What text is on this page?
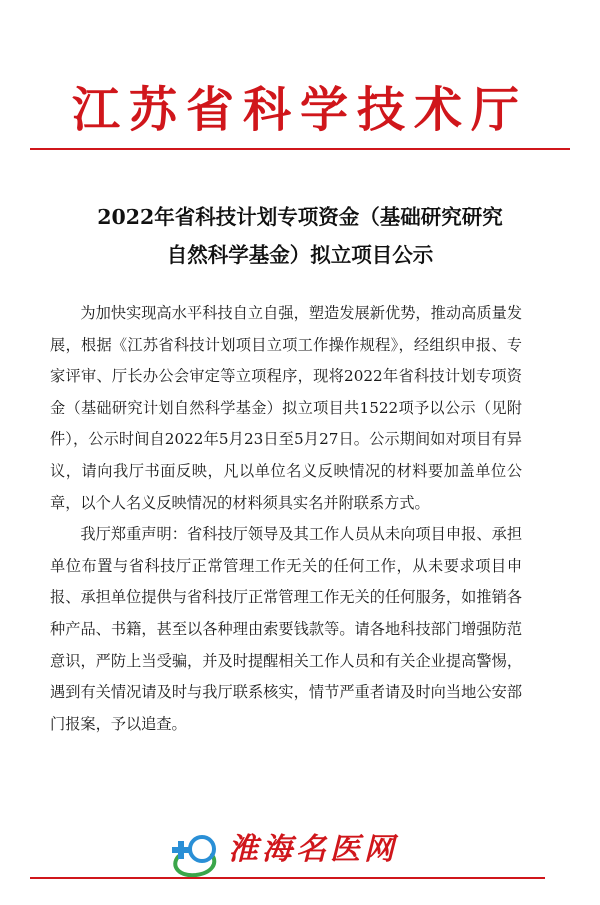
江苏省科学技术厅
2022年省科技计划专项资金（基础研究研究
自然科学基金）拟立项目公示

为加快实现高水平科技自立自强，塑造发展新优势，推动高质量发展，根据《江苏省科技计划项目立项工作操作规程》，经组织申报、专家评审、厅长办公会审定等立项程序，现将2022年省科技计划专项资金（基础研究计划自然科学基金）拟立项目共1522项予以公示（见附件），公示时间自2022年5月23日至5月27日。公示期间如对项目有异议，请向我厅书面反映，凡以单位名义反映情况的材料要加盖单位公章，以个人名义反映情况的材料须具实名并附联系方式。

我厅郑重声明：省科技厅领导及其工作人员从未向项目申报、承担单位布置与省科技厅正常管理工作无关的任何工作，从未要求项目申报、承担单位提供与省科技厅正常管理工作无关的任何服务，如推销各种产品、书籍，甚至以各种理由索要钱款等。请各地科技部门增强防范意识，严防上当受骗，并及时提醒相关工作人员和有关企业提高警惕，遇到有关情况请及时与我厅联系核实，情节严重者请及时向当地公安部门报案，予以追查。

淮海名医网
